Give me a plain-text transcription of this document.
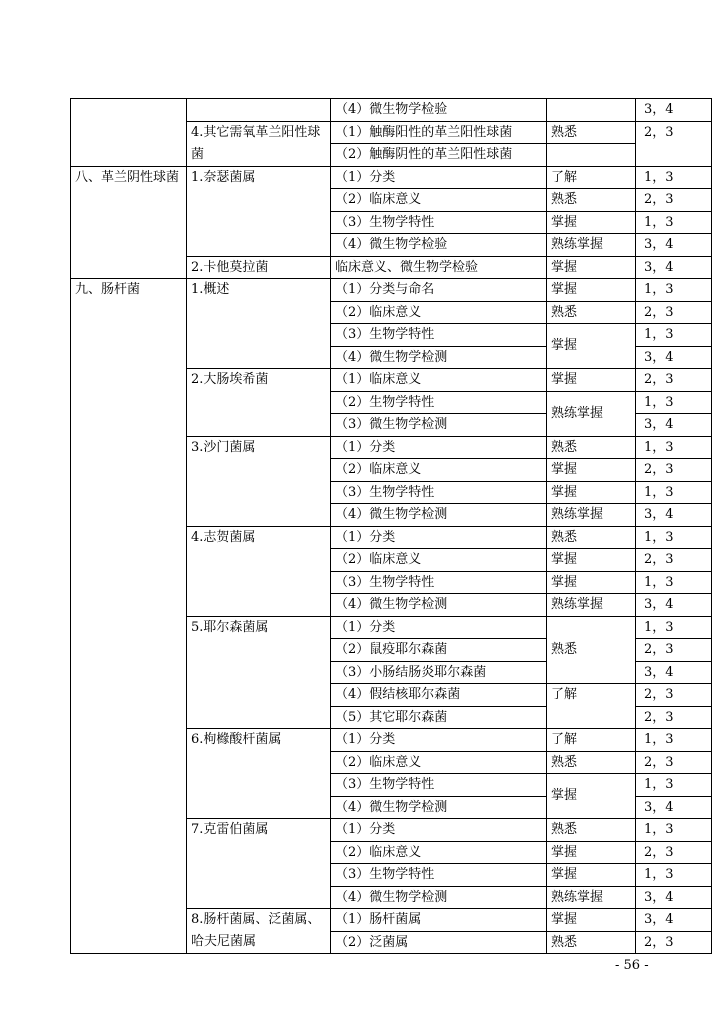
		（4）微生物学检验		3，4
	4.其它需氧革兰阳性球菌	（1）触酶阳性的革兰阳性球菌	熟悉	2，3
		（2）触酶阴性的革兰阳性球菌		
八、革兰阴性球菌	1.奈瑟菌属	（1）分类	了解	1，3
		（2）临床意义	熟悉	2，3
		（3）生物学特性	掌握	1，3
		（4）微生物学检验	熟练掌握	3，4
	2.卡他莫拉菌	临床意义、微生物学检验	掌握	3，4
九、肠杆菌	1.概述	（1）分类与命名	掌握	1，3
		（2）临床意义	熟悉	2，3
		（3）生物学特性	掌握	1，3
		（4）微生物学检测		3，4
	2.大肠埃希菌	（1）临床意义	掌握	2，3
		（2）生物学特性	熟练掌握	1，3
		（3）微生物学检测		3，4
	3.沙门菌属	（1）分类	熟悉	1，3
		（2）临床意义	掌握	2，3
		（3）生物学特性	掌握	1，3
		（4）微生物学检测	熟练掌握	3，4
	4.志贺菌属	（1）分类	熟悉	1，3
		（2）临床意义	掌握	2，3
		（3）生物学特性	掌握	1，3
		（4）微生物学检测	熟练掌握	3，4
	5.耶尔森菌属	（1）分类	熟悉	1，3
		（2）鼠疫耶尔森菌		2，3
		（3）小肠结肠炎耶尔森菌		3，4
		（4）假结核耶尔森菌	了解	2，3
		（5）其它耶尔森菌		2，3
	6.枸橼酸杆菌属	（1）分类	了解	1，3
		（2）临床意义	熟悉	2，3
		（3）生物学特性	掌握	1，3
		（4）微生物学检测		3，4
	7.克雷伯菌属	（1）分类	熟悉	1，3
		（2）临床意义	掌握	2，3
		（3）生物学特性	掌握	1，3
		（4）微生物学检测	熟练掌握	3，4
	8.肠杆菌属、泛菌属、哈夫尼菌属	（1）肠杆菌属	掌握	3，4
		（2）泛菌属	熟悉	2，3
- 56 -
